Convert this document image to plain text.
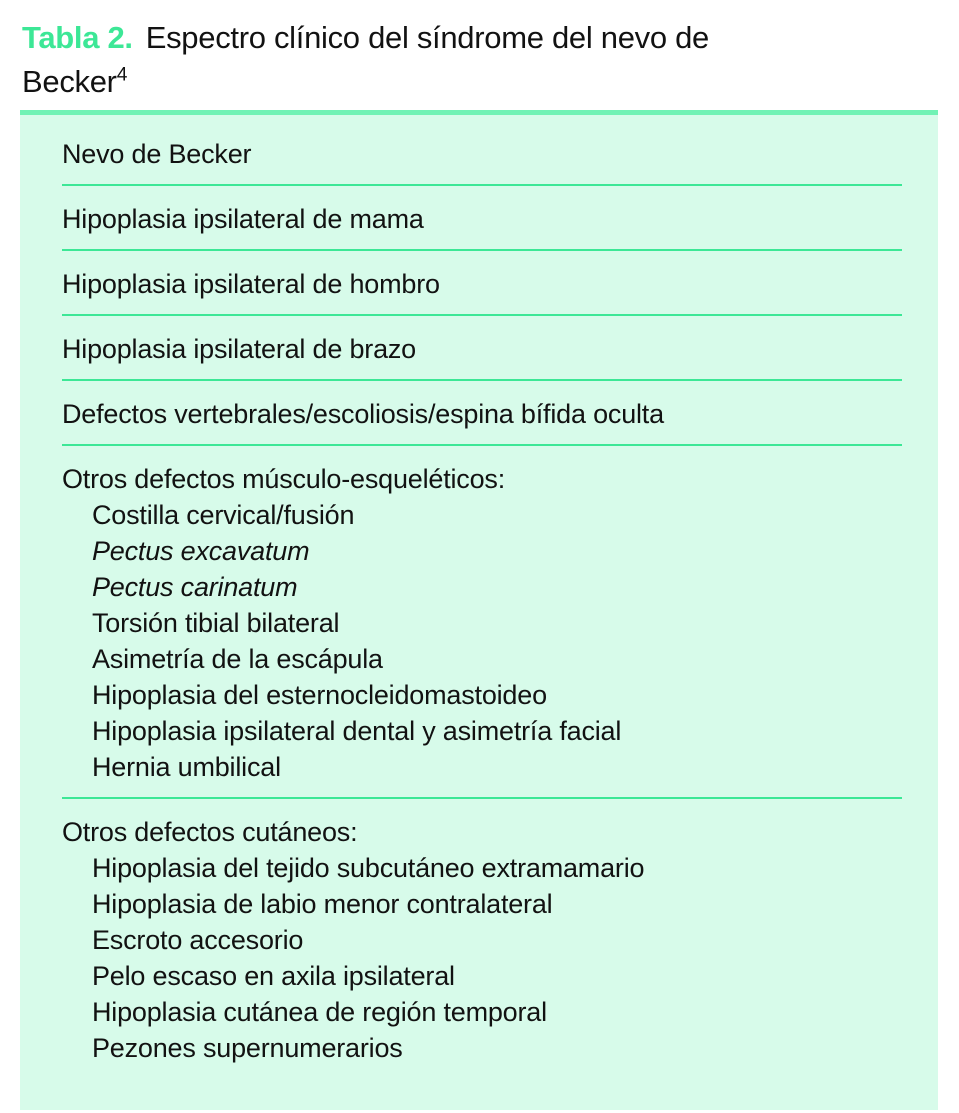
Tabla 2. Espectro clínico del síndrome del nevo de Becker$^4$
Nevo de Becker
Hipoplasia ipsilateral de mama
Hipoplasia ipsilateral de hombro
Hipoplasia ipsilateral de brazo
Defectos vertebrales/escoliosis/espina bífida oculta
Otros defectos músculo-esqueléticos:
Costilla cervical/fusión
Pectus excavatum
Pectus carinatum
Torsión tibial bilateral
Asimetría de la escápula
Hipoplasia del esternocleidomastoideo
Hipoplasia ipsilateral dental y asimetría facial
Hernia umbilical
Otros defectos cutáneos:
Hipoplasia del tejido subcutáneo extramamario
Hipoplasia de labio menor contralateral
Escroto accesorio
Pelo escaso en axila ipsilateral
Hipoplasia cutánea de región temporal
Pezones supernumerarios
